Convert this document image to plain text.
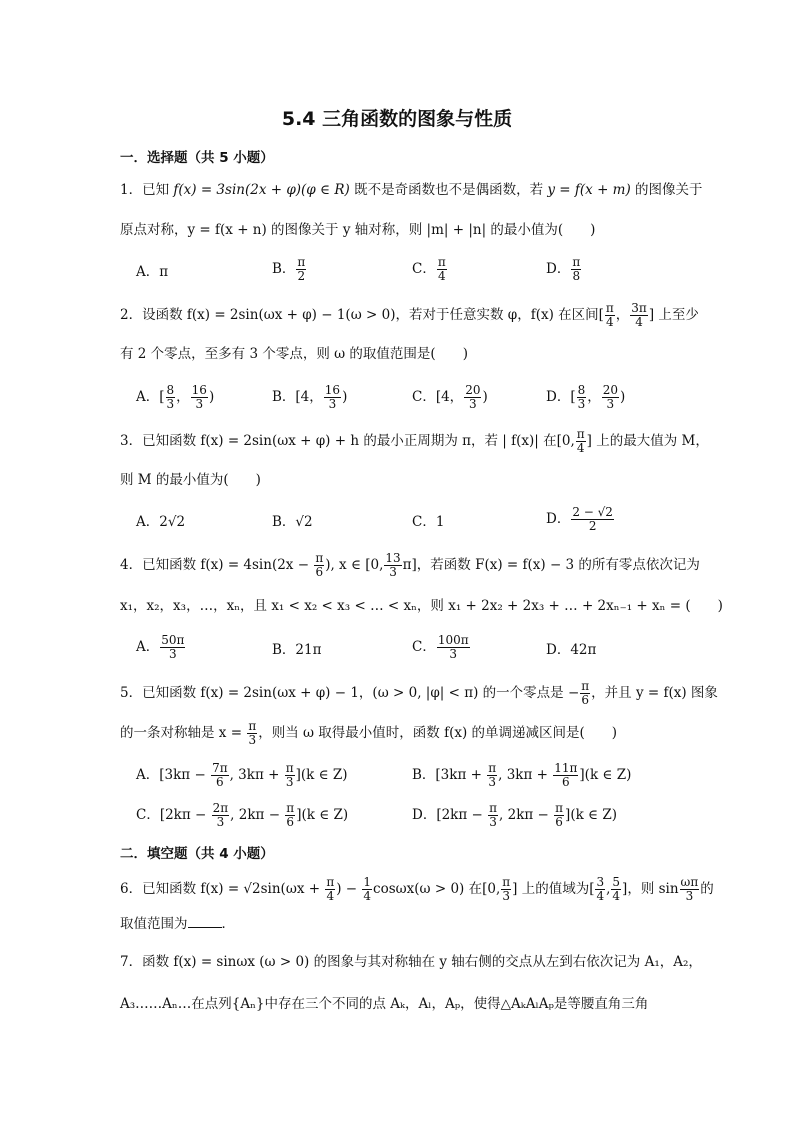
5.4 三角函数的图象与性质
一．选择题（共 5 小题）
1．已知 f(x) = 3sin(2x + φ)(φ ∈ R) 既不是奇函数也不是偶函数，若 y = f(x + m) 的图像关于
原点对称，y = f(x + n) 的图像关于 y 轴对称，则 |m| + |n| 的最小值为(　　)
A．π	B． $\frac{\pi}{2}$	C． $\frac{\pi}{4}$	D． $\frac{\pi}{8}$
2．设函数 f(x) = 2sin(ωx + φ) − 1(ω > 0)，若对于任意实数 φ，f(x) 在区间[ $\frac{\pi}{4}$ ， $\frac{3\pi}{4}$ ] 上至少
有 2 个零点，至多有 3 个零点，则 ω 的取值范围是(　　)
A．[ $\frac{8}{3}$ ， $\frac{16}{3}$ )	B．[4， $\frac{16}{3}$ )	C．[4， $\frac{20}{3}$ )	D．[ $\frac{8}{3}$ ， $\frac{20}{3}$ )
3．已知函数 f(x) = 2sin(ωx + φ) + h 的最小正周期为 π，若 | f(x)| 在[0, $\frac{\pi}{4}$ ] 上的最大值为 M，
则 M 的最小值为(　　)
A．2√2	B．√2	C．1	D． $\frac{2 - √2}{2}$
4．已知函数 $f(x) = 4\sin(2x - \frac{\pi}{6}$ ), x ∈ [0, $\frac{13}{3} \pi$]，若函数 F(x) = f(x) − 3 的所有零点依次记为
x₁，x₂，x₃，…，xₙ，且 x₁ < x₂ < x₃ < … < xₙ，则 x₁ + 2x₂ + 2x₃ + … + 2xₙ₋₁ + xₙ = (　　)
A． $\frac{50\pi}{3}$	B．21π	C． $\frac{100\pi}{3}$	D．42π
5．已知函数 f(x) = 2sin(ωx + φ) − 1，(ω > 0, |φ| < π) 的一个零点是 − $\frac{\pi}{6}$ ，并且 y = f(x) 图象
的一条对称轴是 $x = \frac{\pi}{3}$ ，则当 ω 取得最小值时，函数 f(x) 的单调递减区间是(　　)
A．[$3k\pi - \frac{7\pi}{6}$ , $3k\pi + \frac{\pi}{3} ](k$ ∈ Z)	B．[$3k\pi + \frac{\pi}{3}$ , $3k\pi + \frac{11\pi}{6} ](k$ ∈ Z)
C．[$2k\pi - \frac{2\pi}{3}$ , $2k\pi - \frac{\pi}{6} ](k$ ∈ Z)	D．[$2k\pi - \frac{\pi}{3}$ , $2k\pi - \frac{\pi}{6} ](k$ ∈ Z)
二．填空题（共 4 小题）
6．已知函数 $f(x) = √2\sin(\omega x + \frac{\pi}{4}$ ) − $\frac{1}{4} \cos\omega x(\omega > 0)$ 在[0, $\frac{\pi}{3}$ ] 上的值域为[ $\frac{3}{4}$ , $\frac{5}{4}$ ]，则 $\sin \frac{\omega\pi}{3}$ 的
取值范围为	．
7．函数 f(x) = sinωx (ω > 0) 的图象与其对称轴在 y 轴右侧的交点从左到右依次记为 A₁，A₂，
A₃……Aₙ…在点列{Aₙ}中存在三个不同的点 Aₖ，Aₗ，Aₚ，使得△AₖAₗAₚ是等腰直角三角
